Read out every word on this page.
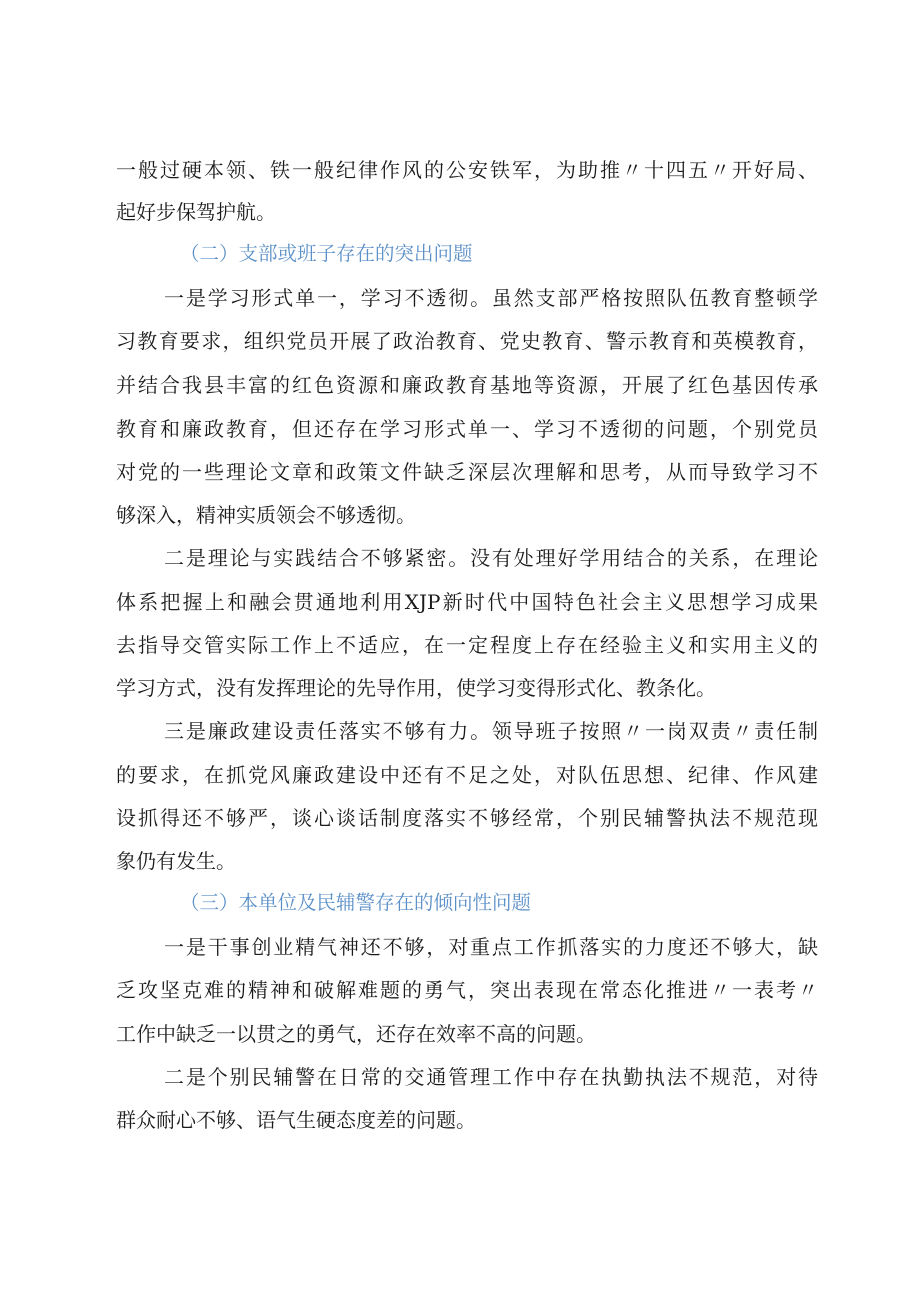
一般过硬本领、铁一般纪律作风的公安铁军，为助推〃十四五〃开好局、
起好步保驾护航。
（二）支部或班子存在的突出问题
一是学习形式单一，学习不透彻。虽然支部严格按照队伍教育整顿学
习教育要求，组织党员开展了政治教育、党史教育、警示教育和英模教育，
并结合我县丰富的红色资源和廉政教育基地等资源，开展了红色基因传承
教育和廉政教育，但还存在学习形式单一、学习不透彻的问题，个别党员
对党的一些理论文章和政策文件缺乏深层次理解和思考，从而导致学习不
够深入，精神实质领会不够透彻。
二是理论与实践结合不够紧密。没有处理好学用结合的关系，在理论
体系把握上和融会贯通地利用XJP新时代中国特色社会主义思想学习成果
去指导交管实际工作上不适应，在一定程度上存在经验主义和实用主义的
学习方式，没有发挥理论的先导作用，使学习变得形式化、教条化。
三是廉政建设责任落实不够有力。领导班子按照〃一岗双责〃责任制
的要求，在抓党风廉政建设中还有不足之处，对队伍思想、纪律、作风建
设抓得还不够严，谈心谈话制度落实不够经常，个别民辅警执法不规范现
象仍有发生。
（三）本单位及民辅警存在的倾向性问题
一是干事创业精气神还不够，对重点工作抓落实的力度还不够大，缺
乏攻坚克难的精神和破解难题的勇气，突出表现在常态化推进〃一表考〃
工作中缺乏一以贯之的勇气，还存在效率不高的问题。
二是个别民辅警在日常的交通管理工作中存在执勤执法不规范，对待
群众耐心不够、语气生硬态度差的问题。
